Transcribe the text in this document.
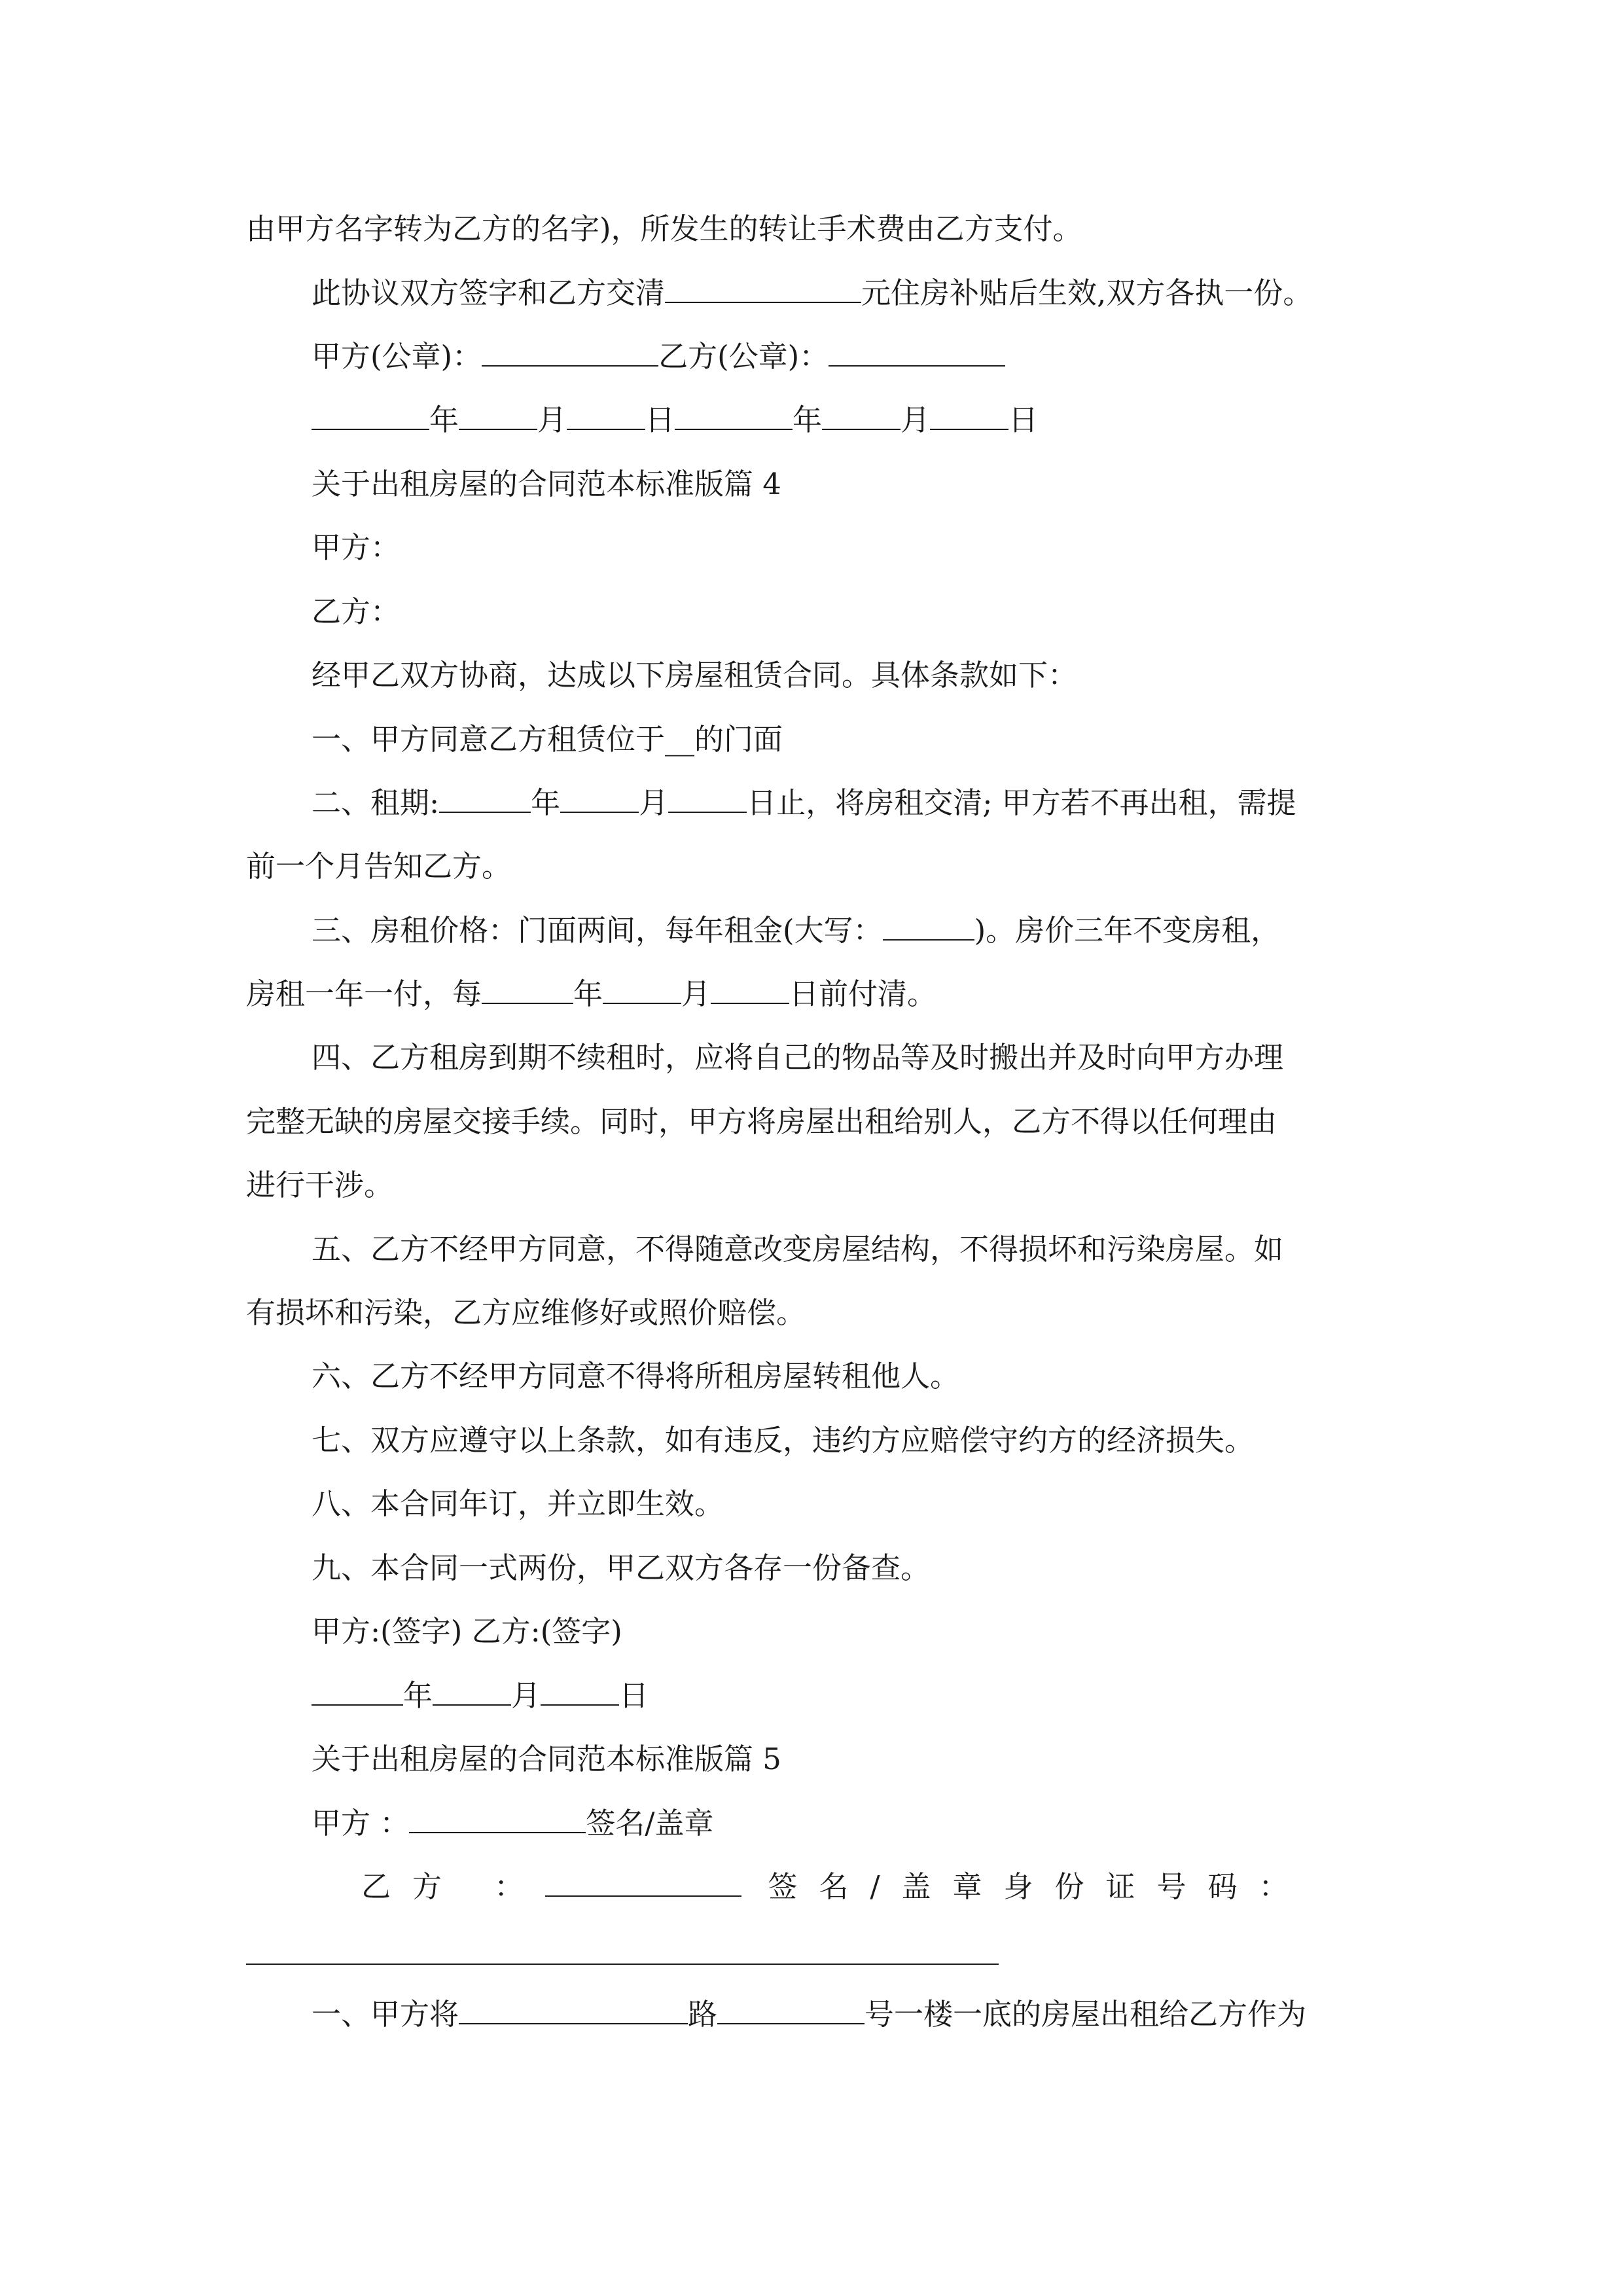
由甲方名字转为乙方的名字)，所发生的转让手术费由乙方支付。

此协议双方签字和乙方交清	元住房补贴后生效,双方各执一份。

甲方(公章)：	乙方(公章)：

年	月	日	年	月	日

关于出租房屋的合同范本标准版篇 4

甲方：

乙方：

经甲乙双方协商，达成以下房屋租赁合同。具体条款如下：

一、甲方同意乙方租赁位于__的门面

二、租期:	年	月	日止，将房租交清; 甲方若不再出租，需提

前一个月告知乙方。

三、房租价格：门面两间，每年租金(大写：	)。房价三年不变房租，

房租一年一付，每	年	月	日前付清。

四、乙方租房到期不续租时，应将自己的物品等及时搬出并及时向甲方办理

完整无缺的房屋交接手续。同时，甲方将房屋出租给别人，乙方不得以任何理由

进行干涉。

五、乙方不经甲方同意，不得随意改变房屋结构，不得损坏和污染房屋。如

有损坏和污染，乙方应维修好或照价赔偿。

六、乙方不经甲方同意不得将所租房屋转租他人。

七、双方应遵守以上条款，如有违反，违约方应赔偿守约方的经济损失。

八、本合同年订，并立即生效。

九、本合同一式两份，甲乙双方各存一份备查。

甲方:(签字) 乙方:(签字)

年	月	日

关于出租房屋的合同范本标准版篇 5

甲方 ：	签名/盖章

乙方 ：	签名/盖章身份证号码：

一、甲方将	路	号一楼一底的房屋出租给乙方作为
